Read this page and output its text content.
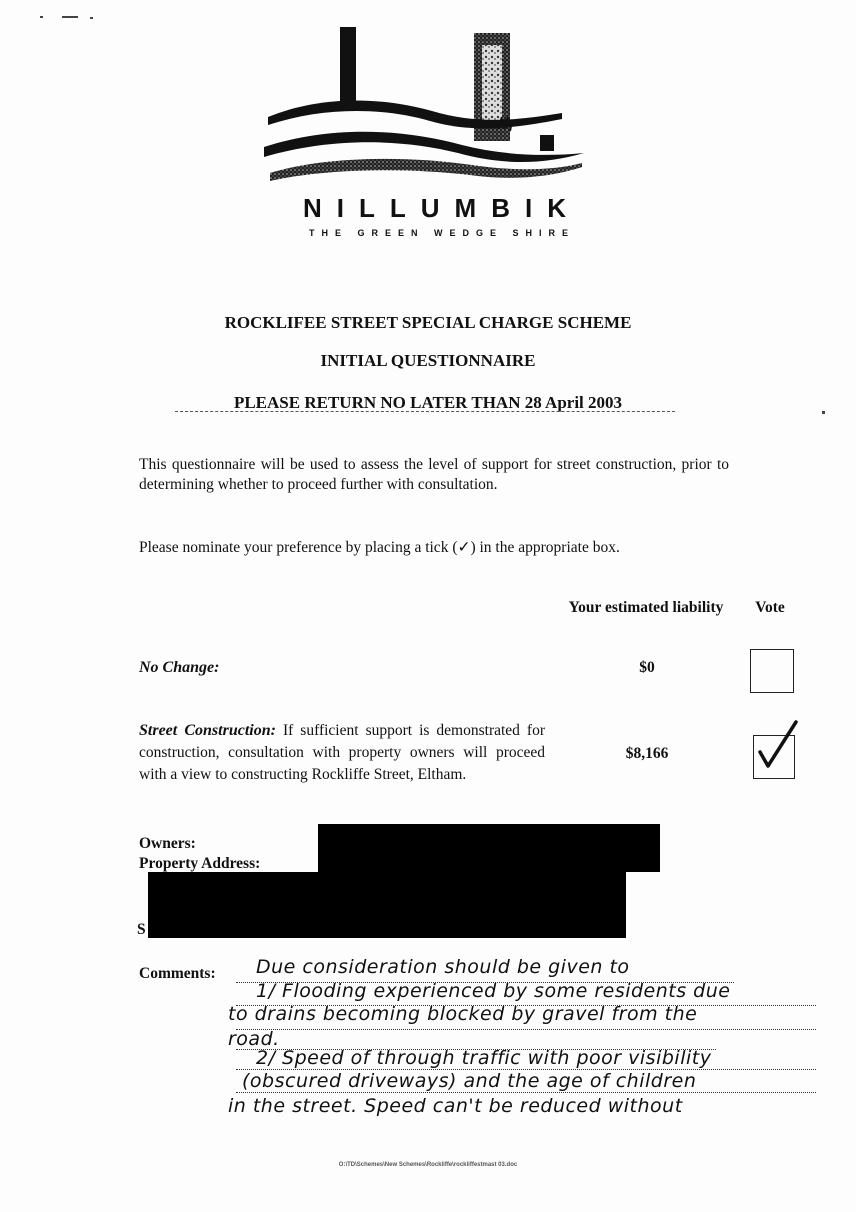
NILLUMBIK
THE GREEN WEDGE SHIRE
ROCKLIFEE STREET SPECIAL CHARGE SCHEME
INITIAL QUESTIONNAIRE
PLEASE RETURN NO LATER THAN 28 April 2003
This questionnaire will be used to assess the level of support for street construction, prior to determining whether to proceed further with consultation.
Please nominate your preference by placing a tick (✓) in the appropriate box.
Your estimated liability	Vote
No Change:	$0
Street Construction: If sufficient support is demonstrated for construction, consultation with property owners will proceed with a view to constructing Rockliffe Street, Eltham.
$8,166
Owners:
Property Address:
S
Comments: Due consideration should be given to
1/ Flooding experienced by some residents due
to drains becoming blocked by gravel from the
road.
2/ Speed of through traffic with poor visibility
(obscured driveways) and the age of children
in the street. Speed can't be reduced without
O:\TD\Schemes\New Schemes\Rockliffe\rockliffestmast 03.doc
